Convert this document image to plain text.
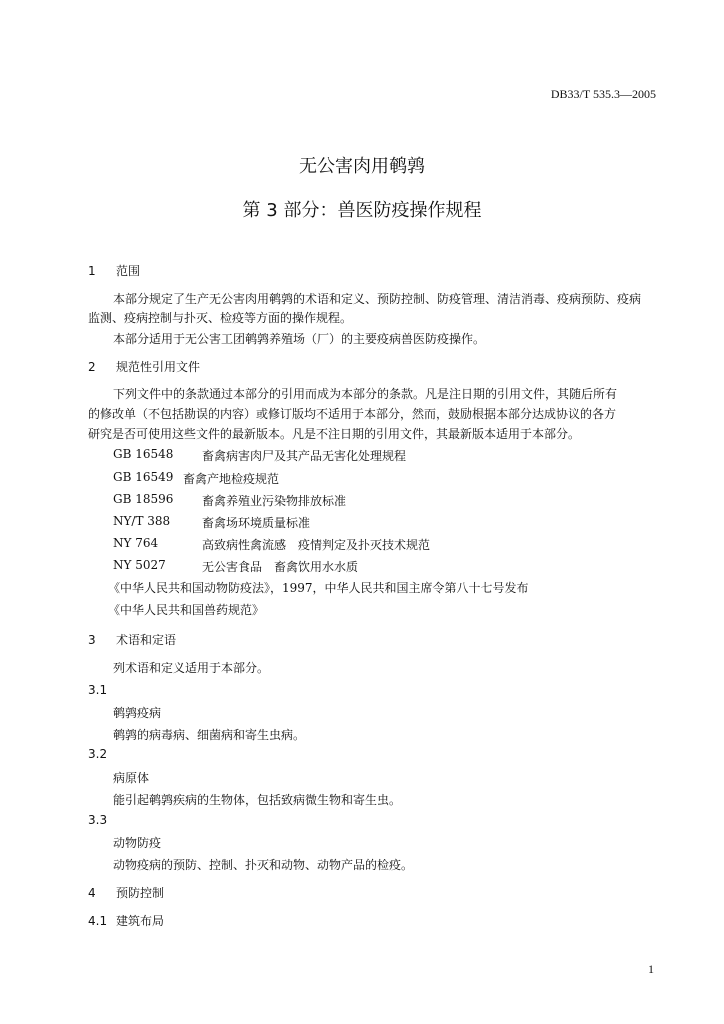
DB33/T 535.3—2005
无公害肉用鹌鹑
第 3 部分：兽医防疫操作规程
1 范围
本部分规定了生产无公害肉用鹌鹑的术语和定义、预防控制、防疫管理、清洁消毒、疫病预防、疫病
监测、疫病控制与扑灭、检疫等方面的操作规程。
本部分适用于无公害工团鹌鹑养殖场（厂）的主要疫病兽医防疫操作。
2 规范性引用文件
下列文件中的条款通过本部分的引用而成为本部分的条款。凡是注日期的引用文件，其随后所有
的修改单（不包括勘误的内容）或修订版均不适用于本部分，然而，鼓励根据本部分达成协议的各方
研究是否可使用这些文件的最新版本。凡是不注日期的引用文件，其最新版本适用于本部分。
GB 16548 畜禽病害肉尸及其产品无害化处理规程
GB 16549 畜禽产地检疫规范
GB 18596 畜禽养殖业污染物排放标准
NY/T 388	畜禽场环境质量标准
NY 764	高致病性禽流感　疫情判定及扑灭技术规范
NY 5027	无公害食品　畜禽饮用水水质
《中华人民共和国动物防疫法》，1997，中华人民共和国主席令第八十七号发布
《中华人民共和国兽药规范》
3 术语和定语
列术语和定义适用于本部分。
3.1
鹌鹑疫病
鹌鹑的病毒病、细菌病和寄生虫病。
3.2
病原体
能引起鹌鹑疾病的生物体，包括致病微生物和寄生虫。
3.3
动物防疫
动物疫病的预防、控制、扑灭和动物、动物产品的检疫。
4 预防控制
4.1 建筑布局
1
